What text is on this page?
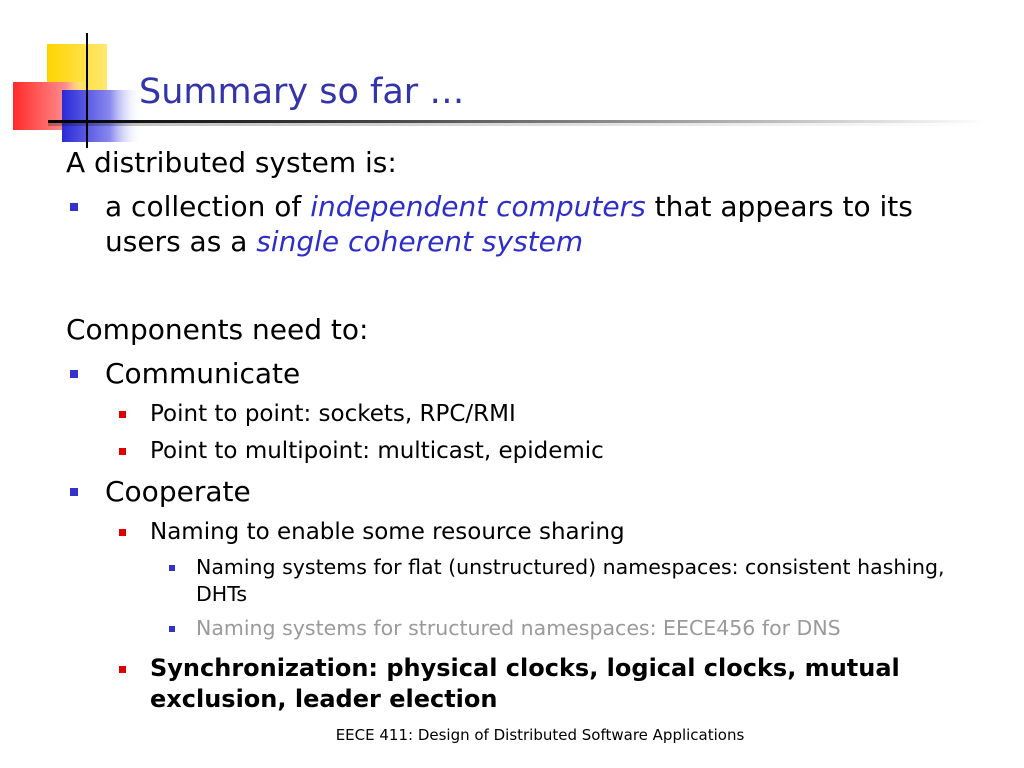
Summary so far …
A distributed system is:
a collection of independent computers that appears to its users as a single coherent system
Components need to:
Communicate
Point to point: sockets, RPC/RMI
Point to multipoint: multicast, epidemic
Cooperate
Naming to enable some resource sharing
Naming systems for flat (unstructured) namespaces: consistent hashing, DHTs
Naming systems for structured namespaces: EECE456 for DNS
Synchronization: physical clocks, logical clocks, mutual exclusion, leader election
EECE 411: Design of Distributed Software Applications
